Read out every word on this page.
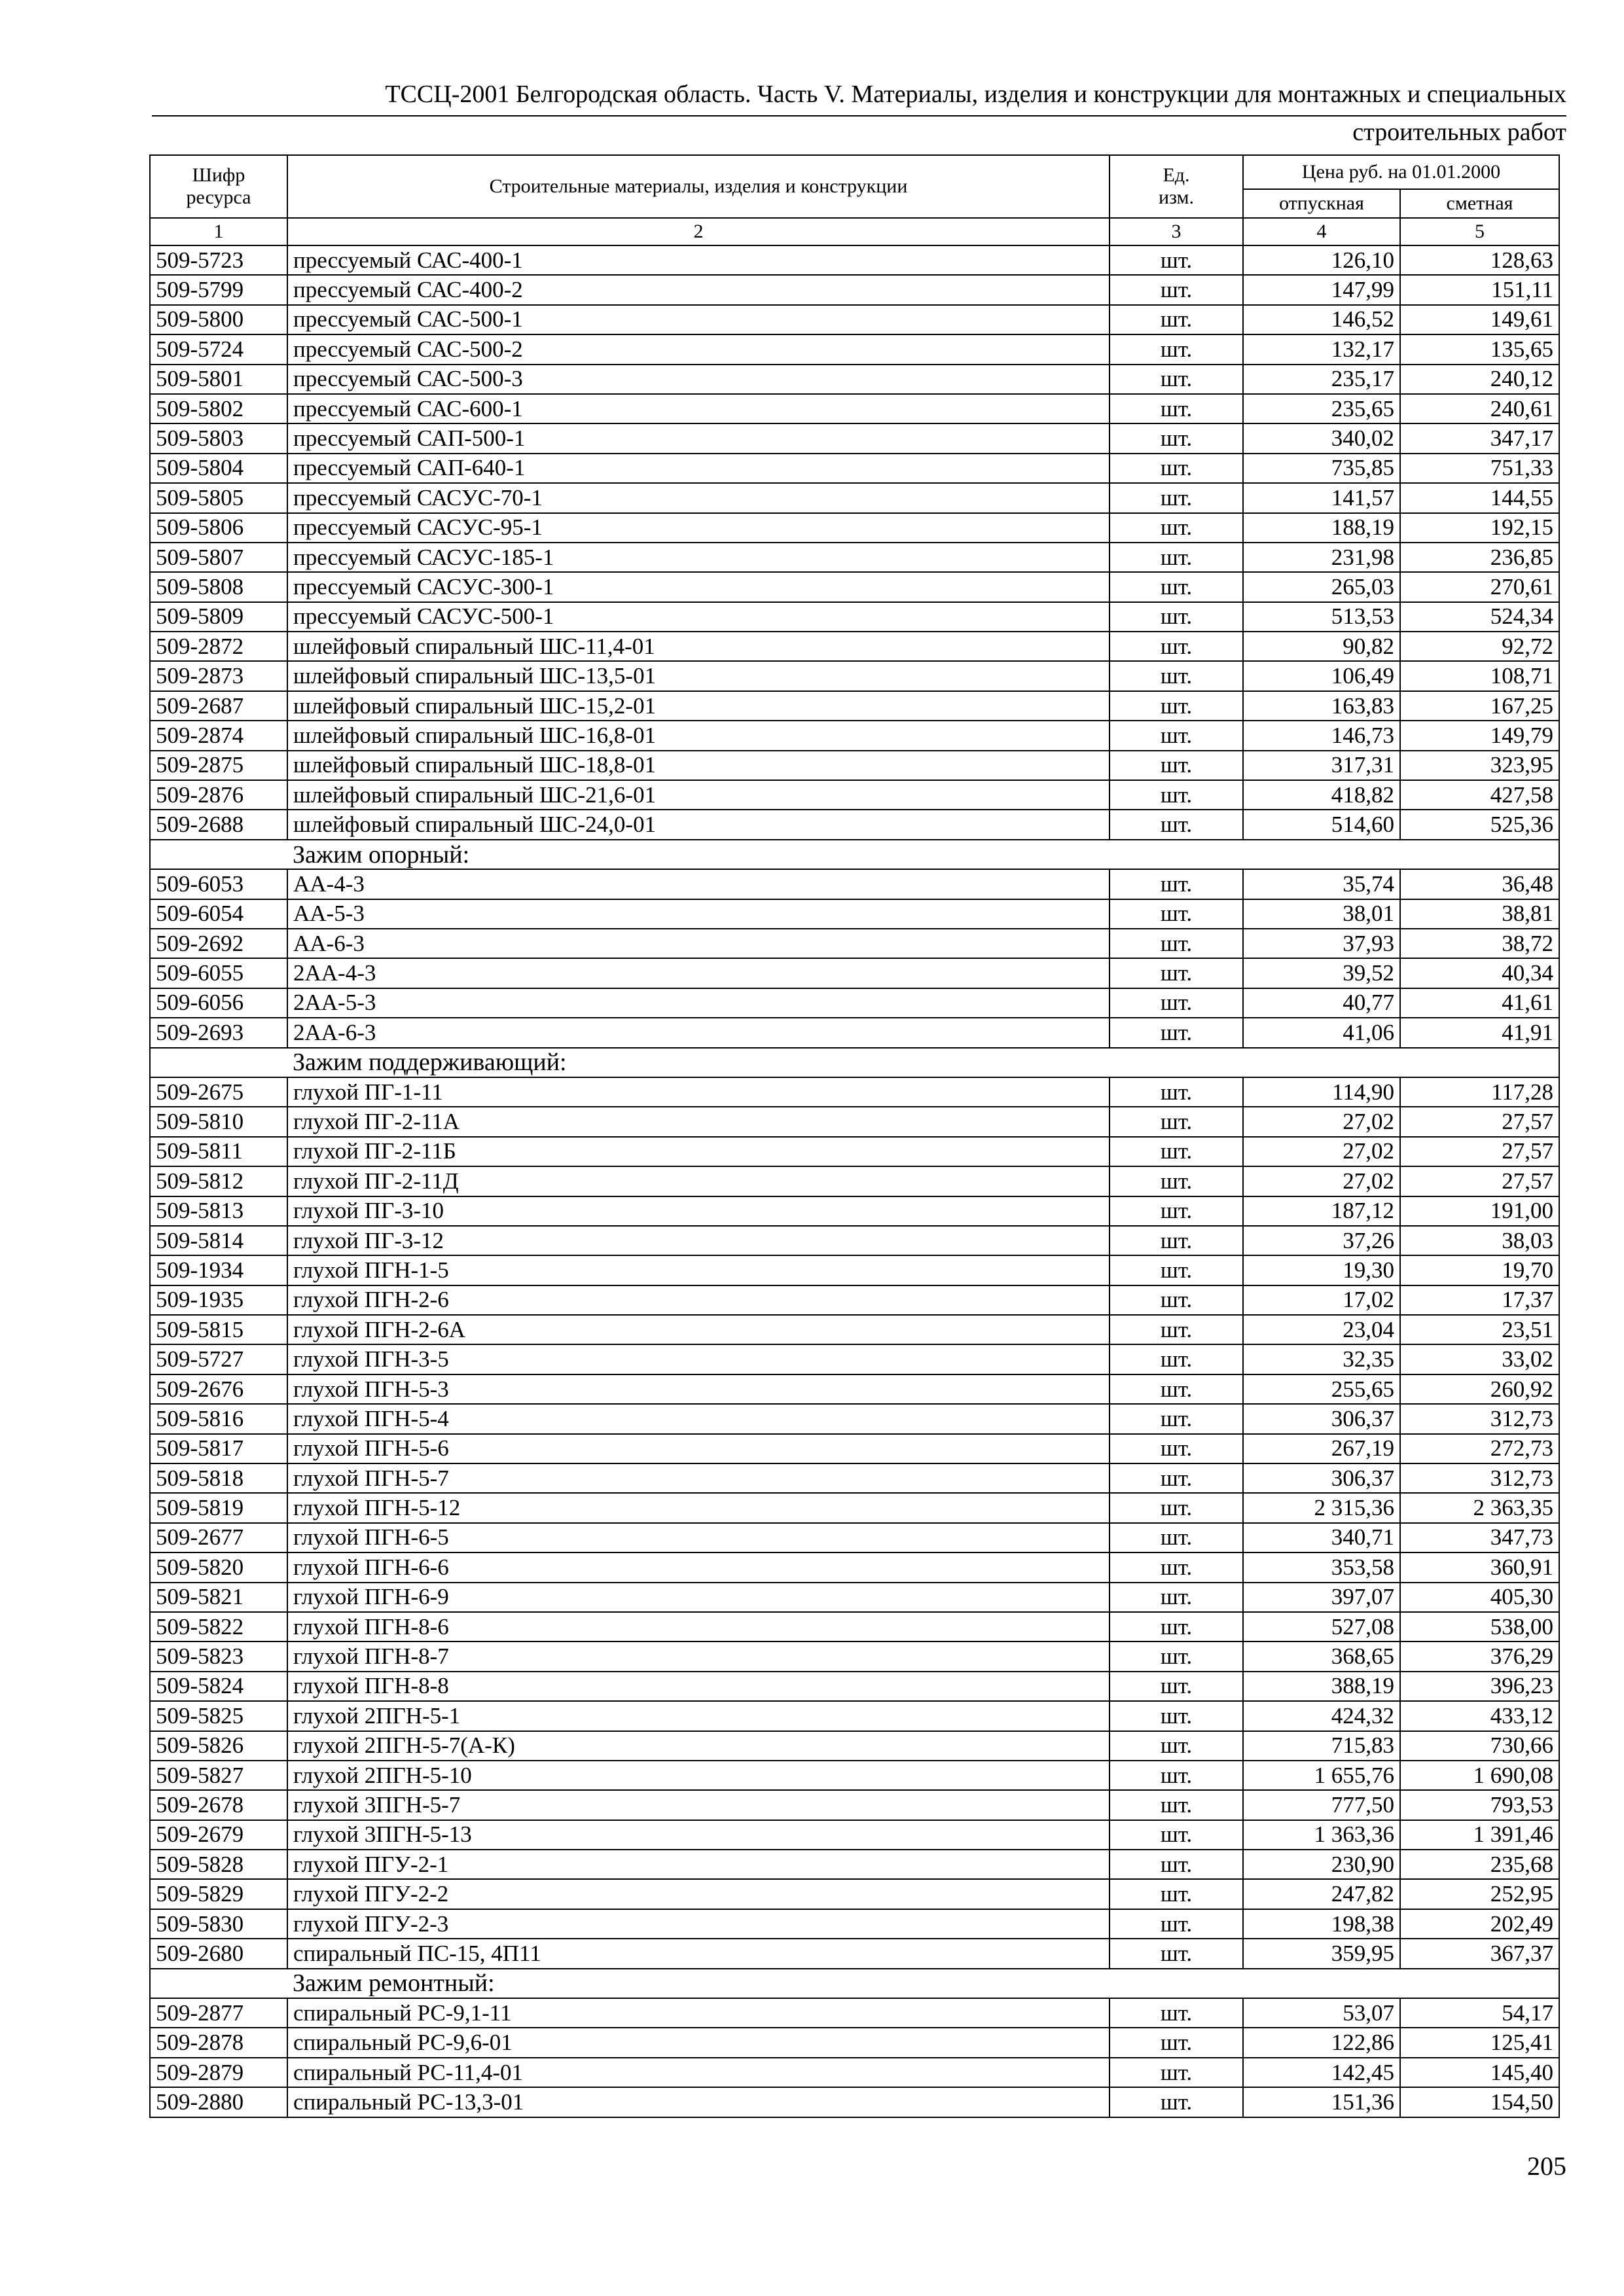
ТССЦ-2001 Белгородская область. Часть V. Материалы, изделия и конструкции для монтажных и специальных
строительных работ
Шифр ресурса	Строительные материалы, изделия и конструкции	Ед. изм.	Цена руб. на 01.01.2000	
			отпускная	сметная
1	2	3	4	5
509-5723	прессуемый САС-400-1	шт.	126,10	128,63
509-5799	прессуемый САС-400-2	шт.	147,99	151,11
509-5800	прессуемый САС-500-1	шт.	146,52	149,61
509-5724	прессуемый САС-500-2	шт.	132,17	135,65
509-5801	прессуемый САС-500-3	шт.	235,17	240,12
509-5802	прессуемый САС-600-1	шт.	235,65	240,61
509-5803	прессуемый САП-500-1	шт.	340,02	347,17
509-5804	прессуемый САП-640-1	шт.	735,85	751,33
509-5805	прессуемый САСУС-70-1	шт.	141,57	144,55
509-5806	прессуемый САСУС-95-1	шт.	188,19	192,15
509-5807	прессуемый САСУС-185-1	шт.	231,98	236,85
509-5808	прессуемый САСУС-300-1	шт.	265,03	270,61
509-5809	прессуемый САСУС-500-1	шт.	513,53	524,34
509-2872	шлейфовый спиральный ШС-11,4-01	шт.	90,82	92,72
509-2873	шлейфовый спиральный ШС-13,5-01	шт.	106,49	108,71
509-2687	шлейфовый спиральный ШС-15,2-01	шт.	163,83	167,25
509-2874	шлейфовый спиральный ШС-16,8-01	шт.	146,73	149,79
509-2875	шлейфовый спиральный ШС-18,8-01	шт.	317,31	323,95
509-2876	шлейфовый спиральный ШС-21,6-01	шт.	418,82	427,58
509-2688	шлейфовый спиральный ШС-24,0-01	шт.	514,60	525,36
	Зажим опорный:			
509-6053	АА-4-3	шт.	35,74	36,48
509-6054	АА-5-3	шт.	38,01	38,81
509-2692	АА-6-3	шт.	37,93	38,72
509-6055	2АА-4-3	шт.	39,52	40,34
509-6056	2АА-5-3	шт.	40,77	41,61
509-2693	2АА-6-3	шт.	41,06	41,91
	Зажим поддерживающий:			
509-2675	глухой ПГ-1-11	шт.	114,90	117,28
509-5810	глухой ПГ-2-11А	шт.	27,02	27,57
509-5811	глухой ПГ-2-11Б	шт.	27,02	27,57
509-5812	глухой ПГ-2-11Д	шт.	27,02	27,57
509-5813	глухой ПГ-3-10	шт.	187,12	191,00
509-5814	глухой ПГ-3-12	шт.	37,26	38,03
509-1934	глухой ПГН-1-5	шт.	19,30	19,70
509-1935	глухой ПГН-2-6	шт.	17,02	17,37
509-5815	глухой ПГН-2-6А	шт.	23,04	23,51
509-5727	глухой ПГН-3-5	шт.	32,35	33,02
509-2676	глухой ПГН-5-3	шт.	255,65	260,92
509-5816	глухой ПГН-5-4	шт.	306,37	312,73
509-5817	глухой ПГН-5-6	шт.	267,19	272,73
509-5818	глухой ПГН-5-7	шт.	306,37	312,73
509-5819	глухой ПГН-5-12	шт.	2 315,36	2 363,35
509-2677	глухой ПГН-6-5	шт.	340,71	347,73
509-5820	глухой ПГН-6-6	шт.	353,58	360,91
509-5821	глухой ПГН-6-9	шт.	397,07	405,30
509-5822	глухой ПГН-8-6	шт.	527,08	538,00
509-5823	глухой ПГН-8-7	шт.	368,65	376,29
509-5824	глухой ПГН-8-8	шт.	388,19	396,23
509-5825	глухой 2ПГН-5-1	шт.	424,32	433,12
509-5826	глухой 2ПГН-5-7(А-К)	шт.	715,83	730,66
509-5827	глухой 2ПГН-5-10	шт.	1 655,76	1 690,08
509-2678	глухой 3ПГН-5-7	шт.	777,50	793,53
509-2679	глухой 3ПГН-5-13	шт.	1 363,36	1 391,46
509-5828	глухой ПГУ-2-1	шт.	230,90	235,68
509-5829	глухой ПГУ-2-2	шт.	247,82	252,95
509-5830	глухой ПГУ-2-3	шт.	198,38	202,49
509-2680	спиральный ПС-15, 4П11	шт.	359,95	367,37
	Зажим ремонтный:			
509-2877	спиральный РС-9,1-11	шт.	53,07	54,17
509-2878	спиральный РС-9,6-01	шт.	122,86	125,41
509-2879	спиральный РС-11,4-01	шт.	142,45	145,40
509-2880	спиральный РС-13,3-01	шт.	151,36	154,50
205
